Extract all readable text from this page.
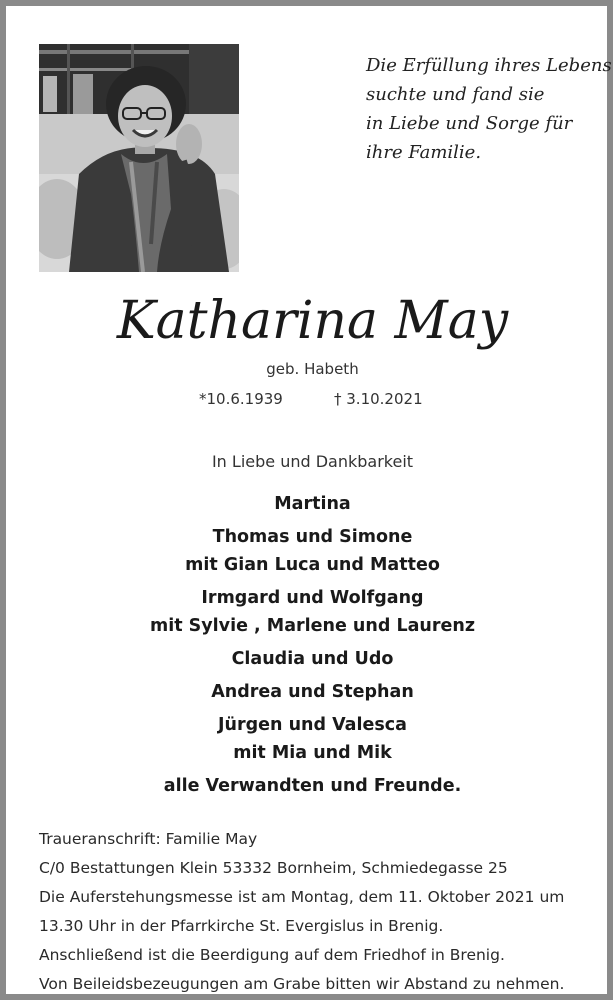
Die Erfüllung ihres Lebens
suchte und fand sie
in Liebe und Sorge für
ihre Familie.
Katharina May
geb. Habeth
*10.6.1939	† 3.10.2021
In Liebe und Dankbarkeit
Martina
Thomas und Simone
mit Gian Luca und Matteo
Irmgard und Wolfgang
mit Sylvie , Marlene und Laurenz
Claudia und Udo
Andrea und Stephan
Jürgen und Valesca
mit Mia und Mik
alle Verwandten und Freunde.
Traueranschrift: Familie May
C/0 Bestattungen Klein 53332 Bornheim, Schmiedegasse 25
Die Auferstehungsmesse ist am Montag, dem 11. Oktober 2021 um
13.30 Uhr in der Pfarrkirche St. Evergislus in Brenig.
Anschließend ist die Beerdigung auf dem Friedhof in Brenig.
Von Beileidsbezeugungen am Grabe bitten wir Abstand zu nehmen.
